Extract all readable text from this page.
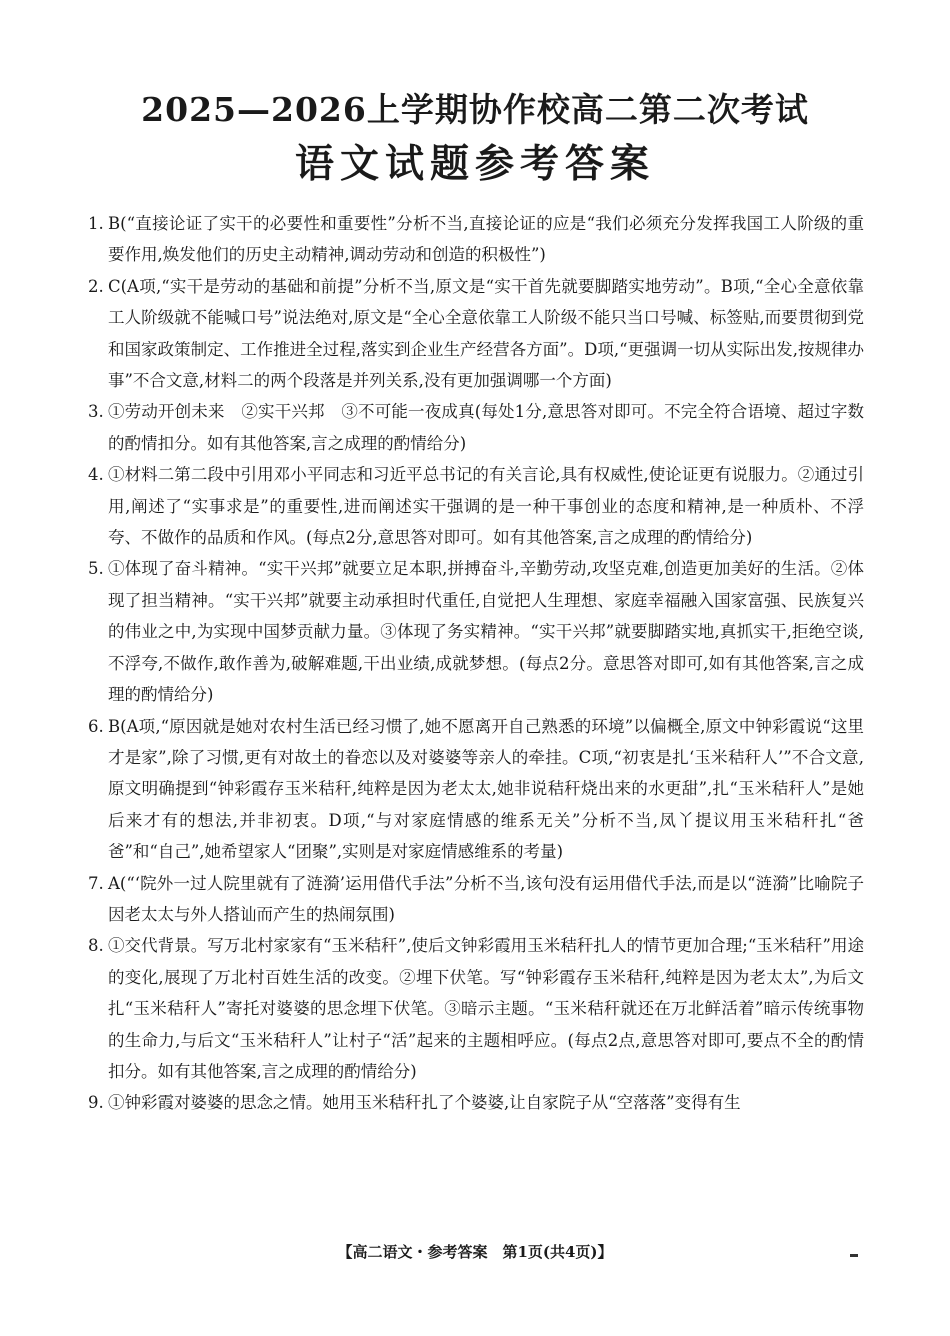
2025—2026上学期协作校高二第二次考试
语文试题参考答案
1. B(“直接论证了实干的必要性和重要性”分析不当,直接论证的应是“我们必须充分发挥我国工人阶级的重要作用,焕发他们的历史主动精神,调动劳动和创造的积极性”)
2. C(A项,“实干是劳动的基础和前提”分析不当,原文是“实干首先就要脚踏实地劳动”。B项,“全心全意依靠工人阶级就不能喊口号”说法绝对,原文是“全心全意依靠工人阶级不能只当口号喊、标签贴,而要贯彻到党和国家政策制定、工作推进全过程,落实到企业生产经营各方面”。D项,“更强调一切从实际出发,按规律办事”不合文意,材料二的两个段落是并列关系,没有更加强调哪一个方面)
3. ①劳动开创未来　②实干兴邦　③不可能一夜成真(每处1分,意思答对即可。不完全符合语境、超过字数的酌情扣分。如有其他答案,言之成理的酌情给分)
4. ①材料二第二段中引用邓小平同志和习近平总书记的有关言论,具有权威性,使论证更有说服力。②通过引用,阐述了“实事求是”的重要性,进而阐述实干强调的是一种干事创业的态度和精神,是一种质朴、不浮夸、不做作的品质和作风。(每点2分,意思答对即可。如有其他答案,言之成理的酌情给分)
5. ①体现了奋斗精神。“实干兴邦”就要立足本职,拼搏奋斗,辛勤劳动,攻坚克难,创造更加美好的生活。②体现了担当精神。“实干兴邦”就要主动承担时代重任,自觉把人生理想、家庭幸福融入国家富强、民族复兴的伟业之中,为实现中国梦贡献力量。③体现了务实精神。“实干兴邦”就要脚踏实地,真抓实干,拒绝空谈,不浮夸,不做作,敢作善为,破解难题,干出业绩,成就梦想。(每点2分。意思答对即可,如有其他答案,言之成理的酌情给分)
6. B(A项,“原因就是她对农村生活已经习惯了,她不愿离开自己熟悉的环境”以偏概全,原文中钟彩霞说“这里才是家”,除了习惯,更有对故土的眷恋以及对婆婆等亲人的牵挂。C项,“初衷是扎‘玉米秸秆人’”不合文意,原文明确提到“钟彩霞存玉米秸秆,纯粹是因为老太太,她非说秸秆烧出来的水更甜”,扎“玉米秸秆人”是她后来才有的想法,并非初衷。D项,“与对家庭情感的维系无关”分析不当,凤丫提议用玉米秸秆扎“爸爸”和“自己”,她希望家人“团聚”,实则是对家庭情感维系的考量)
7. A(“‘院外一过人院里就有了涟漪’运用借代手法”分析不当,该句没有运用借代手法,而是以“涟漪”比喻院子因老太太与外人搭讪而产生的热闹氛围)
8. ①交代背景。写万北村家家有“玉米秸秆”,使后文钟彩霞用玉米秸秆扎人的情节更加合理;“玉米秸秆”用途的变化,展现了万北村百姓生活的改变。②埋下伏笔。写“钟彩霞存玉米秸秆,纯粹是因为老太太”,为后文扎“玉米秸秆人”寄托对婆婆的思念埋下伏笔。③暗示主题。“玉米秸秆就还在万北鲜活着”暗示传统事物的生命力,与后文“玉米秸秆人”让村子“活”起来的主题相呼应。(每点2点,意思答对即可,要点不全的酌情扣分。如有其他答案,言之成理的酌情给分)
9. ①钟彩霞对婆婆的思念之情。她用玉米秸秆扎了个婆婆,让自家院子从“空落落”变得有生
【高二语文・参考答案　第1页(共4页)】
